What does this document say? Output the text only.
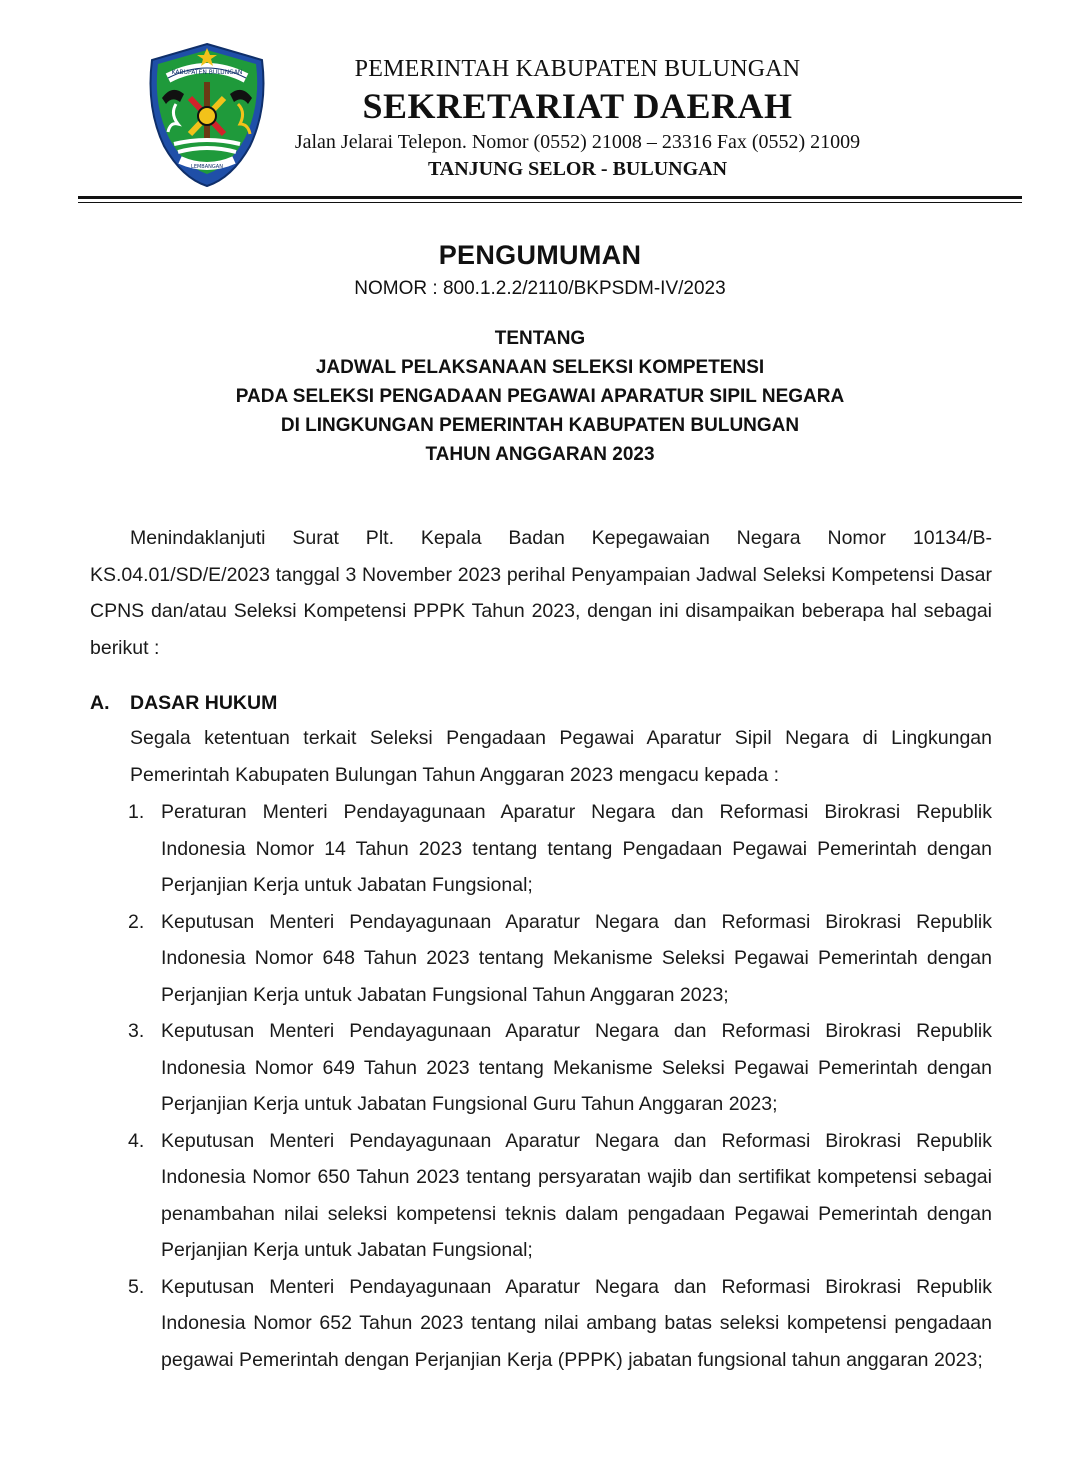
KABUPATEN BULUNGAN
LEMBANGAN
PEMERINTAH KABUPATEN BULUNGAN
SEKRETARIAT DAERAH
Jalan Jelarai Telepon. Nomor (0552) 21008 – 23316 Fax (0552) 21009
TANJUNG SELOR - BULUNGAN
PENGUMUMAN
NOMOR : 800.1.2.2/2110/BKPSDM-IV/2023
TENTANG
JADWAL PELAKSANAAN SELEKSI KOMPETENSI
PADA SELEKSI PENGADAAN PEGAWAI APARATUR SIPIL NEGARA
DI LINGKUNGAN PEMERINTAH KABUPATEN BULUNGAN
TAHUN ANGGARAN 2023
Menindaklanjuti Surat Plt. Kepala Badan Kepegawaian Negara Nomor 10134/B-KS.04.01/SD/E/2023 tanggal 3 November 2023 perihal Penyampaian Jadwal Seleksi Kompetensi Dasar CPNS dan/atau Seleksi Kompetensi PPPK Tahun 2023, dengan ini disampaikan beberapa hal sebagai berikut :
A. DASAR HUKUM
Segala ketentuan terkait Seleksi Pengadaan Pegawai Aparatur Sipil Negara di Lingkungan Pemerintah Kabupaten Bulungan Tahun Anggaran 2023 mengacu kepada :
1. Peraturan Menteri Pendayagunaan Aparatur Negara dan Reformasi Birokrasi Republik Indonesia Nomor 14 Tahun 2023 tentang tentang Pengadaan Pegawai Pemerintah dengan Perjanjian Kerja untuk Jabatan Fungsional;
2. Keputusan Menteri Pendayagunaan Aparatur Negara dan Reformasi Birokrasi Republik Indonesia Nomor 648 Tahun 2023 tentang Mekanisme Seleksi Pegawai Pemerintah dengan Perjanjian Kerja untuk Jabatan Fungsional Tahun Anggaran 2023;
3. Keputusan Menteri Pendayagunaan Aparatur Negara dan Reformasi Birokrasi Republik Indonesia Nomor 649 Tahun 2023 tentang Mekanisme Seleksi Pegawai Pemerintah dengan Perjanjian Kerja untuk Jabatan Fungsional Guru Tahun Anggaran 2023;
4. Keputusan Menteri Pendayagunaan Aparatur Negara dan Reformasi Birokrasi Republik Indonesia Nomor 650 Tahun 2023 tentang persyaratan wajib dan sertifikat kompetensi sebagai penambahan nilai seleksi kompetensi teknis dalam pengadaan Pegawai Pemerintah dengan Perjanjian Kerja untuk Jabatan Fungsional;
5. Keputusan Menteri Pendayagunaan Aparatur Negara dan Reformasi Birokrasi Republik Indonesia Nomor 652 Tahun 2023 tentang nilai ambang batas seleksi kompetensi pengadaan pegawai Pemerintah dengan Perjanjian Kerja (PPPK) jabatan fungsional tahun anggaran 2023;
